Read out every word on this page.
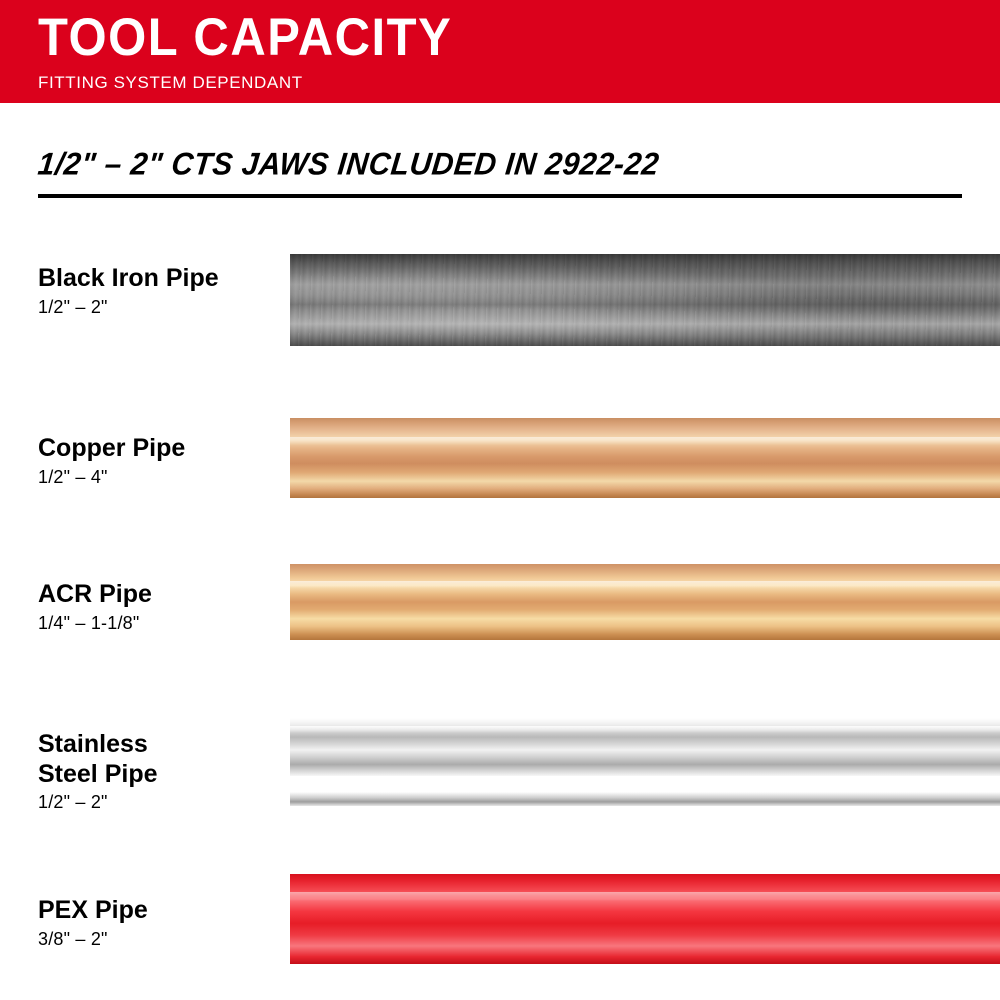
TOOL CAPACITY
FITTING SYSTEM DEPENDANT
1/2" – 2" CTS JAWS INCLUDED IN 2922-22
Black Iron Pipe
1/2" – 2"
Copper Pipe
1/2" – 4"
ACR Pipe
1/4" – 1-1/8"
Stainless
Steel Pipe
1/2" – 2"
PEX Pipe
3/8" – 2"
